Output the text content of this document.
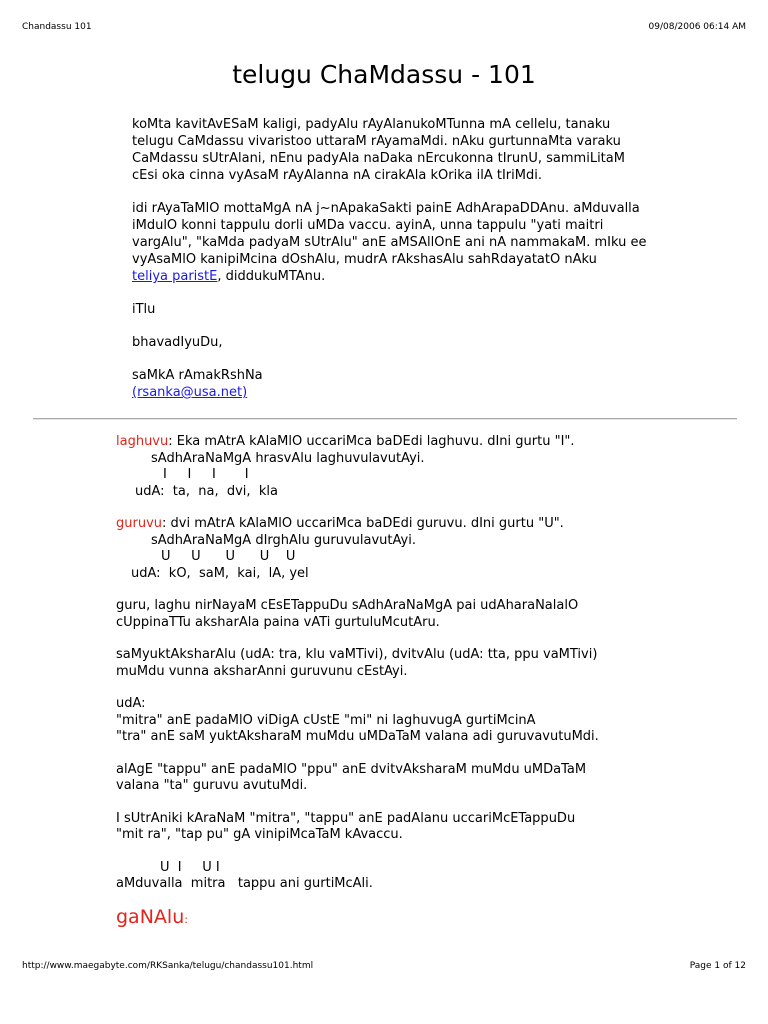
Chandassu 101	09/08/2006 06:14 AM
telugu ChaMdassu - 101

koMta kavitAvESaM kaligi, padyAlu rAyAlanukoMTunna mA cellelu, tanaku
telugu CaMdassu vivaristoo uttaraM rAyamaMdi. nAku gurtunnaMta varaku
CaMdassu sUtrAlani, nEnu padyAla naDaka nErcukonna tIrunU, sammiLitaM
cEsi oka cinna vyAsaM rAyAlanna nA cirakAla kOrika ilA tIriMdi.

idi rAyaTaMlO mottaMgA nA j~nApakaSakti painE AdhArapaDDAnu. aMduvalla
iMdulO konni tappulu dorli uMDa vaccu. ayinA, unna tappulu "yati maitri
vargAlu", "kaMda padyaM sUtrAlu" anE aMSAllOnE ani nA nammakaM. mIku ee
vyAsaMlO kanipiMcina dOshAlu, mudrA rAkshasAlu sahRdayatatO nAku
teliya paristE, diddukuMTAnu.

iTlu

bhavadIyuDu,

saMkA rAmakRshNa

(rsanka@usa.net)

laghuvu: Eka mAtrA kAlaMlO uccariMca baDEdi laghuvu. dIni gurtu "I".
sAdhAraNaMgA hrasvAlu laghuvulavutAyi.
I     I     I       I
udA:  ta,  na,  dvi,  kla
guruvu: dvi mAtrA kAlaMlO uccariMca baDEdi guruvu. dIni gurtu "U".
sAdhAraNaMgA dIrghAlu guruvulavutAyi.
U     U      U      U    U
udA:  kO,  saM,  kai,  lA, yel
guru, laghu nirNayaM cEsETappuDu sAdhAraNaMgA pai udAharaNalalO
cUppinaTTu aksharAla paina vATi gurtuluMcutAru.
saMyuktAksharAlu (udA: tra, klu vaMTivi), dvitvAlu (udA: tta, ppu vaMTivi)
muMdu vunna aksharAnni guruvunu cEstAyi.
udA:
"mitra" anE padaMlO viDigA cUstE "mi" ni laghuvugA gurtiMcinA
"tra" anE saM yuktAksharaM muMdu uMDaTaM valana adi guruvavutuMdi.
alAgE "tappu" anE padaMlO "ppu" anE dvitvAksharaM muMdu uMDaTaM
valana "ta" guruvu avutuMdi.
I sUtrAniki kAraNaM "mitra", "tappu" anE padAlanu uccariMcETappuDu
"mit ra", "tap pu" gA vinipiMcaTaM kAvaccu.
U  I     U I
aMduvalla  mitra   tappu ani gurtiMcAli.
gaNAlu:
http://www.maegabyte.com/RKSanka/telugu/chandassu101.html	Page 1 of 12
